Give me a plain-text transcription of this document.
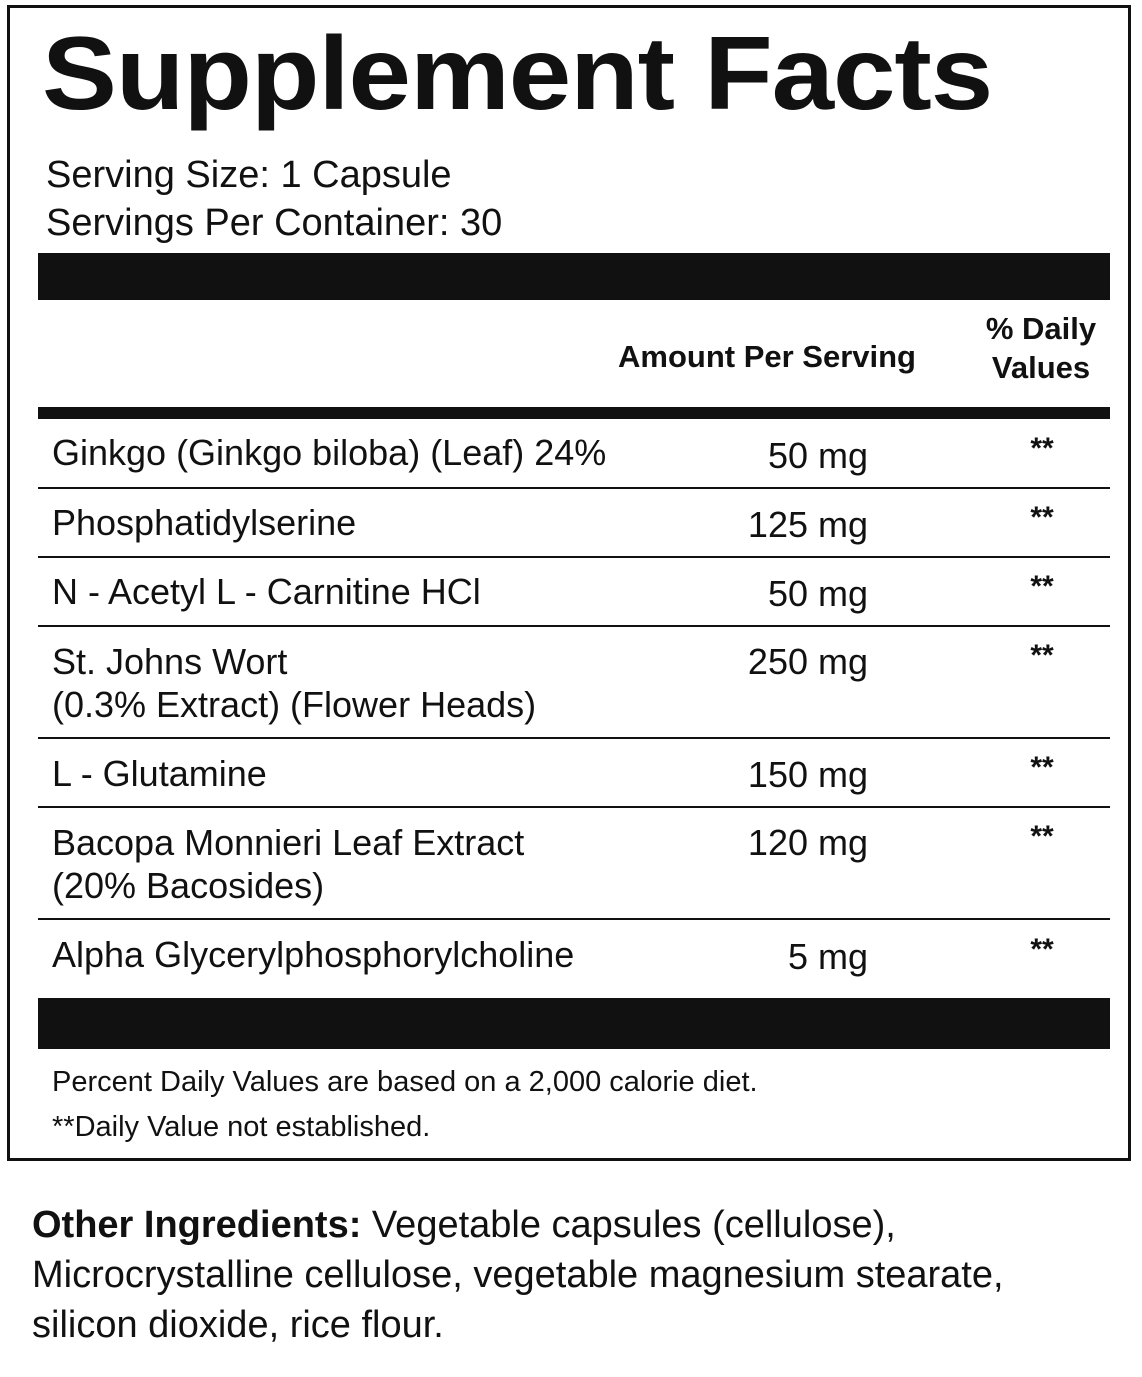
Supplement Facts
Serving Size: 1 Capsule
Servings Per Container: 30
Amount Per Serving
% Daily
Values
Ginkgo (Ginkgo biloba) (Leaf) 24%	50 mg	**
Phosphatidylserine	125 mg	**
N - Acetyl L - Carnitine HCl	50 mg	**
St. Johns Wort
(0.3% Extract) (Flower Heads)
250 mg	**
L - Glutamine	150 mg	**
Bacopa Monnieri Leaf Extract
(20% Bacosides)
120 mg	**
Alpha Glycerylphosphorylcholine	5 mg	**
Percent Daily Values are based on a 2,000 calorie diet.
**Daily Value not established.
Other Ingredients: Vegetable capsules (cellulose), Microcrystalline cellulose, vegetable magnesium stearate, silicon dioxide, rice flour.
